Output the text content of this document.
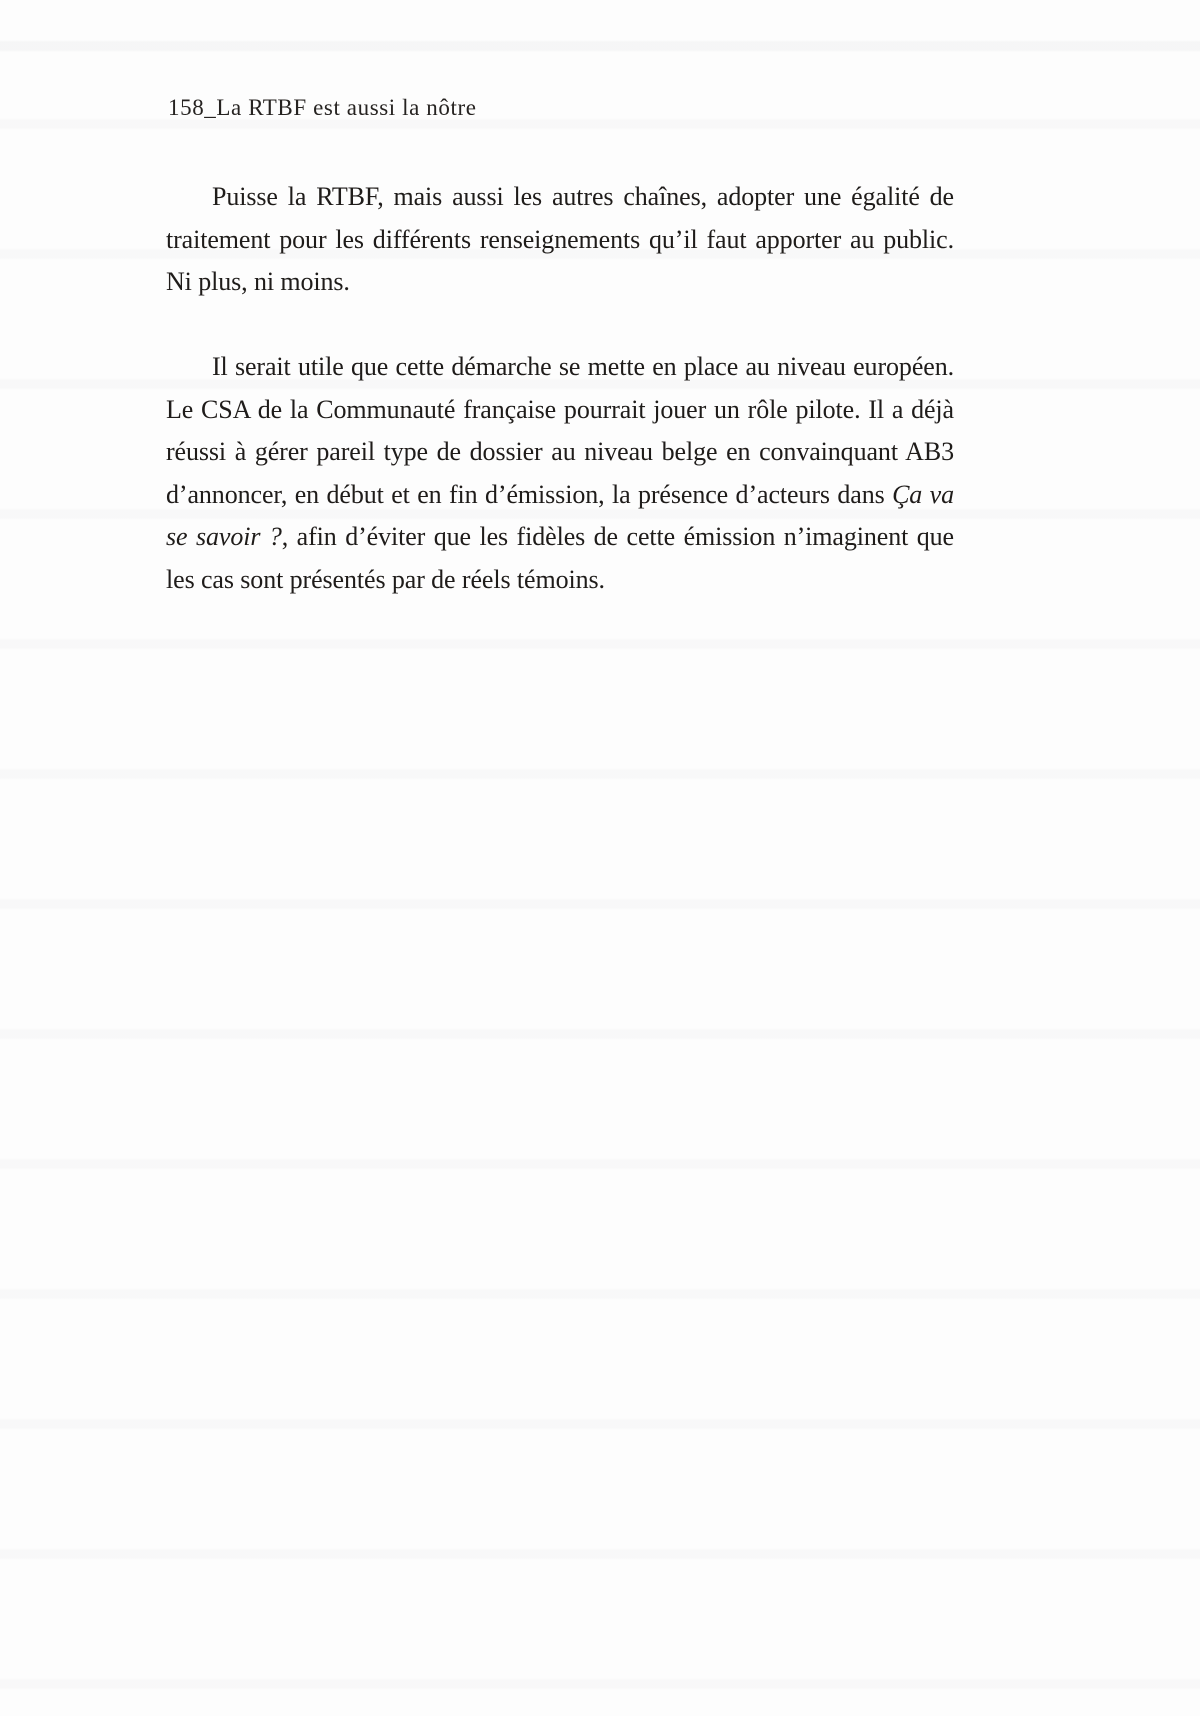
158_La RTBF est aussi la nôtre

Puisse la RTBF, mais aussi les autres chaînes, adopter une égalité de traitement pour les différents renseignements qu’il faut apporter au public. Ni plus, ni moins.

Il serait utile que cette démarche se mette en place au niveau européen. Le CSA de la Communauté française pourrait jouer un rôle pilote. Il a déjà réussi à gérer pareil type de dossier au niveau belge en convainquant AB3 d’annoncer, en début et en fin d’émission, la présence d’acteurs dans Ça va se savoir ?, afin d’éviter que les fidèles de cette émission n’imaginent que les cas sont présentés par de réels témoins.
